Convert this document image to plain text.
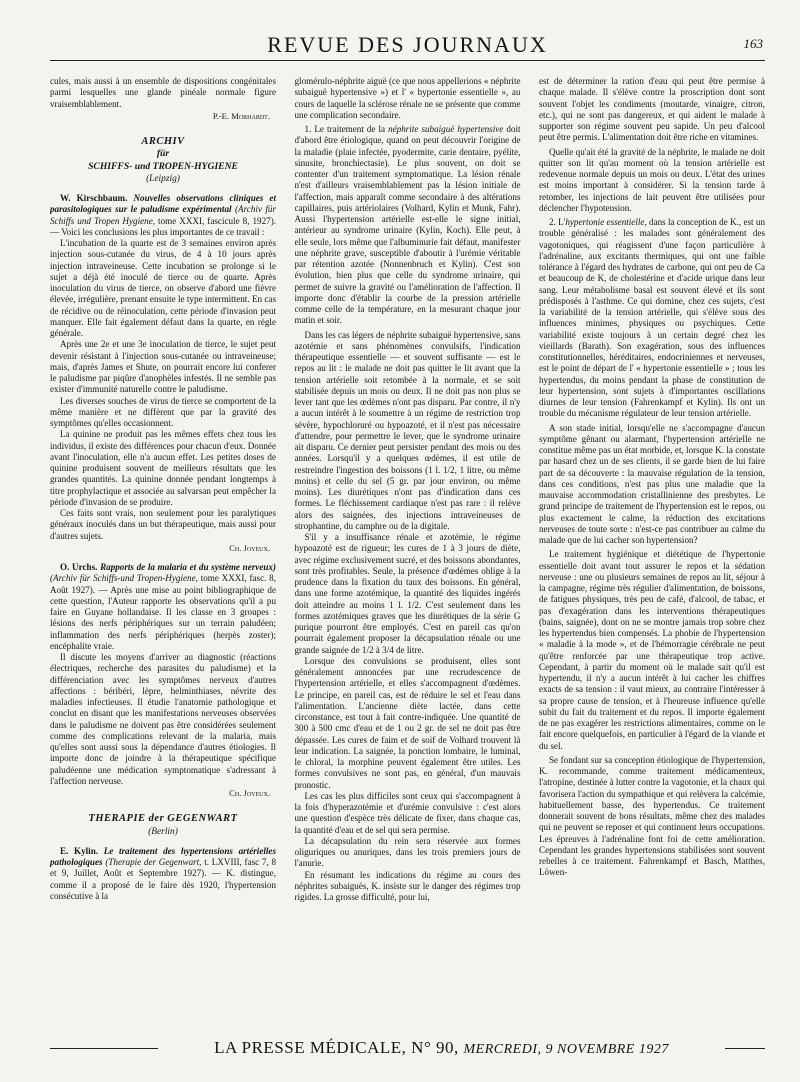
REVUE DES JOURNAUX	163

cules, mais aussi à un ensemble de dispositions congénitales parmi lesquelles une glande pinéale normale figure vraisemblablement.

P.-E. Morhardt.
ARCHIV
für
SCHIFFS- und TROPEN-HYGIENE
(Leipzig)

W. Kirschbaum. Nouvelles observations cliniques et parasitologiques sur le paludisme expérimental (Archiv für Schiffs und Tropen Hygiene, tome XXXI, fascicule 8, 1927). — Voici les conclusions les plus importantes de ce travail :

L'incubation de la quarte est de 3 semaines environ après injection sous-cutanée du virus, de 4 à 10 jours après injection intraveineuse. Cette incubation se prolonge si le sujet a déjà été inoculé de tierce ou de quarte. Après inoculation du virus de tierce, on observe d'abord une fièvre élevée, irrégulière, prenant ensuite le type intermittent. En cas de récidive ou de réinoculation, cette période d'invasion peut manquer. Elle fait également défaut dans la quarte, en règle générale.

Après une 2e et une 3e inoculation de tierce, le sujet peut devenir résistant à l'injection sous-cutanée ou intraveineuse; mais, d'après James et Shute, on pourrait encore lui conferer le paludisme par piqûre d'anophèles infestés. Il ne semble pas exister d'immunité naturelle contre le paludisme.

Les diverses souches de virus de tierce se comportent de la même manière et ne diffèrent que par la gravité des symptômes qu'elles occasionnent.

La quinine ne produit pas les mêmes effets chez tous les individus, il existe des différences pour chacun d'eux. Donnée avant l'inoculation, elle n'a aucun effet. Les petites doses de quinine produisent souvent de meilleurs résultats que les grandes quantités. La quinine donnée pendant longtemps à titre prophylactique et associée au salvarsan peut empêcher la période d'invasion de se produire.

Ces faits sont vrais, non seulement pour les paralytiques généraux inoculés dans un but thérapeutique, mais aussi pour d'autres sujets.

Ch. Joyeux.

O. Urchs. Rapports de la malaria et du système nerveux) (Archiv für Schiffs-und Tropen-Hygiene, tome XXXI, fasc. 8, Août 1927). — Après une mise au point bibliographique de cette question, l'Auteur rapporte les observations qu'il a pu faire en Guyane hollandaise. Il les classe en 3 groupes : lésions des nerfs périphériques sur un terrain paludéen; inflammation des nerfs périphériques (herpès zoster); encéphalite vraie.

Il discute les moyens d'arriver au diagnostic (réactions électriques, recherche des parasites du paludisme) et la différenciation avec les symptômes nerveux d'autres affections : béribéri, lèpre, helminthiases, névrite des maladies infectieuses. Il étudie l'anatomie pathologique et conclut en disant que les manifestations nerveuses observées dans le paludisme ne doivent pas être considérées seulement comme des complications relevant de la malaria, mais qu'elles sont aussi sous la dépendance d'autres étiologies. Il importe donc de joindre à la thérapeutique spécifique paludéenne une médication symptomatique s'adressant à l'affection nerveuse.

Ch. Joyeux.
THERAPIE der GEGENWART
(Berlin)

E. Kylin. Le traitement des hypertensions artérielles pathologiques (Therapie der Gegenwart, t. LXVIII, fasc 7, 8 et 9, Juillet, Août et Septembre 1927). — K. distingue, comme il a proposé de le faire dès 1920, l'hypertension consécutive à la

glomérulo-néphrite aiguë (ce que nous appellerions « néphrite subaiguë hypertensive ») et l' « hypertonie essentielle », au cours de laquelle la sclérose rénale ne se présente que comme une complication secondaire.

1. Le traitement de la néphrite subaiguë hypertensive doit d'abord être étiologique, quand on peut découvrir l'origine de la maladie (plaie infectée, pyodermite, carie dentaire, pyélite, sinusite, bronchiectasie). Le plus souvent, on doit se contenter d'un traitement symptomatique. La lésion rénale n'est d'ailleurs vraisemblablement pas la lésion initiale de l'affection, mais apparaît comme secondaire à des altérations capillaires, puis artériolaires (Volhard, Kylin et Munk, Fahr). Aussi l'hypertension artérielle est-elle le signe initial, antérieur au syndrome urinaire (Kylin, Koch). Elle peut, à elle seule, lors même que l'albuminurie fait défaut, manifester une néphrite grave, susceptible d'aboutir à l'urémie véritable par rétention azotée (Nonnenbruch et Kylin). C'est son évolution, bien plus que celle du syndrome urinaire, qui permet de suivre la gravité ou l'amélioration de l'affection. Il importe donc d'établir la courbe de la pression artérielle comme celle de la température, en la mesurant chaque jour matin et soir.

Dans les cas légers de néphrite subaiguë hypertensive, sans azotémie et sans phénomènes convulsifs, l'indication thérapeutique essentielle — et souvent suffisante — est le repos au lit : le malade ne doit pas quitter le lit avant que la tension artérielle soit retombée à la normale, et se soit stabilisée depuis un mois ou deux. Il ne doit pas non plus se lever tant que les œdèmes n'ont pas disparu. Par contre, il n'y a aucun intérêt à le soumettre à un régime de restriction trop sévère, hypochloruré ou hypoazoté, et il n'est pas nécessaire d'attendre, pour permettre le lever, que le syndrome urinaire ait disparu. Ce dernier peut persister pendant des mois ou des années. Lorsqu'il y a quelques œdèmes, il est utile de restreindre l'ingestion des boissons (1 l. 1/2, 1 litre, ou même moins) et celle du sel (5 gr. par jour environ, ou même moins). Les diurétiques n'ont pas d'indication dans ces formes. Le fléchissement cardiaque n'est pas rare : il relève alors des saignées, des injections intraveineuses de strophantine, du camphre ou de la digitale.

S'il y a insuffisance rénale et azotémie, le régime hypoazoté est de rigueur; les cures de 1 à 3 jours de diète, avec régime exclusivement sucré, et des boissons abondantes, sont très profitables. Seule, la présence d'œdèmes oblige à la prudence dans la fixation du taux des boissons. En général, dans une forme azotémique, la quantité des liquides ingérés doit atteindre au moins 1 l. 1/2. C'est seulement dans les formes azotémiques graves que les diurétiques de la série G purique pourront être employés. C'est en pareil cas qu'on pourrait également proposer la décapsulation rénale ou une grande saignée de 1/2 à 3/4 de litre.

Lorsque des convulsions se produisent, elles sont généralement annoncées par une recrudescence de l'hypertension artérielle, et elles s'accompagnent d'œdèmes. Le principe, en pareil cas, est de réduire le sel et l'eau dans l'alimentation. L'ancienne diète lactée, dans cette circonstance, est tout à fait contre-indiquée. Une quantité de 300 à 500 cmc d'eau et de 1 ou 2 gr. de sel ne doit pas être dépassée. Les cures de faim et de soif de Volhard trouvent là leur indication. La saignée, la ponction lombaire, le luminal, le chloral, la morphine peuvent également être utiles. Les formes convulsives ne sont pas, en général, d'un mauvais pronostic.

Les cas les plus difficiles sont ceux qui s'accompagnent à la fois d'hyperazotémie et d'urémie convulsive : c'est alors une question d'espèce très délicate de fixer, dans chaque cas, la quantité d'eau et de sel qui sera permise.

La décapsulation du rein sera réservée aux formes oliguriques ou anuriques, dans les trois premiers jours de l'anurie.

En résumant les indications du régime au cours des néphrites subaiguës, K. insiste sur le danger des régimes trop rigides. La grosse difficulté, pour lui,

est de déterminer la ration d'eau qui peut être permise à chaque malade. Il s'élève contre la proscription dont sont souvent l'objet les condiments (moutarde, vinaigre, citron, etc.), qui ne sont pas dangereux, et qui aident le malade à supporter son régime souvent peu sapide. Un peu d'alcool peut être permis. L'alimentation doit être riche en vitamines.

Quelle qu'ait été la gravité de la néphrite, le malade ne doit quitter son lit qu'au moment où la tension artérielle est redevenue normale depuis un mois ou deux. L'état des urines est moins important à considérer. Si la tension tarde à retomber, les injections de lait peuvent être utilisées pour déclencher l'hypotension.

2. L'hypertonie essentielle, dans la conception de K., est un trouble généralisé : les malades sont généralement des vagotoniques, qui réagissent d'une façon particulière à l'adrénaline, aux excitants thermiques, qui ont une faible tolérance à l'égard des hydrates de carbone, qui ont peu de Ca et beaucoup de K, de cholestérine et d'acide urique dans leur sang. Leur métabolisme basal est souvent élevé et ils sont prédisposés à l'asthme. Ce qui domine, chez ces sujets, c'est la variabilité de la tension artérielle, qui s'élève sous des influences minimes, physiques ou psychiques. Cette variabilité existe toujours à un certain degré chez les vieillards (Barath). Son exagération, sous des influences constitutionnelles, héréditaires, endocriniennes et nerveuses, est le point de départ de l' « hypertonie essentielle » ; tous les hypertendus, du moins pendant la phase de constitution de leur hypertension, sont sujets à d'importantes oscillations diurnes de leur tension (Fahrenkampf et Kylin). Ils ont un trouble du mécanisme régulateur de leur tension artérielle.

A son stade initial, lorsqu'elle ne s'accompagne d'aucun symptôme gênant ou alarmant, l'hypertension artérielle ne constitue même pas un état morbide, et, lorsque K. la constate par hasard chez un de ses clients, il se garde bien de lui faire part de sa découverte : la mauvaise régulation de la tension, dans ces conditions, n'est pas plus une maladie que la mauvaise accommodation cristallinienne des presbytes. Le grand principe de traitement de l'hypertension est le repos, ou plus exactement le calme, la réduction des excitations nerveuses de toute sorte : n'est-ce pas contribuer au calme du malade que de lui cacher son hypertension?

Le traitement hygiénique et diététique de l'hypertonie essentielle doit avant tout assurer le repos et la sédation nerveuse : une ou plusieurs semaines de repos au lit, séjour à la campagne, régime très régulier d'alimentation, de boissons, de fatigues physiques, très peu de café, d'alcool, de tabac, et pas d'exagération dans les interventions thérapeutiques (bains, saignée), dont on ne se montre jamais trop sobre chez les hypertendus bien compensés. La phobie de l'hypertension « maladie à la mode », et de l'hémorragie cérébrale ne peut qu'être renforcée par une thérapeutique trop active. Cependant, à partir du moment où le malade sait qu'il est hypertendu, il n'y a aucun intérêt à lui cacher les chiffres exacts de sa tension : il vaut mieux, au contraire l'intéresser à sa propre cause de tension, et à l'heureuse influence qu'elle subit du fait du traitement et du repos. Il importe également de ne pas exagérer les restrictions alimentaires, comme on le fait encore quelquefois, en particulier à l'égard de la viande et du sel.

Se fondant sur sa conception étiologique de l'hypertension, K. recommande, comme traitement médicamenteux, l'atropine, destinée à lutter contre la vagotonie, et la chaux qui favorisera l'action du sympathique et qui relèvera la calcémie, habituellement basse, des hypertendus. Ce traitement donnerait souvent de bons résultats, même chez des malades qui ne peuvent se reposer et qui continuent leurs occupations. Les épreuves à l'adrénaline font foi de cette amélioration. Cependant les grandes hypertensions stabilisées sont souvent rebelles à ce traitement. Fahrenkampf et Basch, Matthes, Löwen-

LA PRESSE MÉDICALE, N° 90, MERCREDI, 9 NOVEMBRE 1927
